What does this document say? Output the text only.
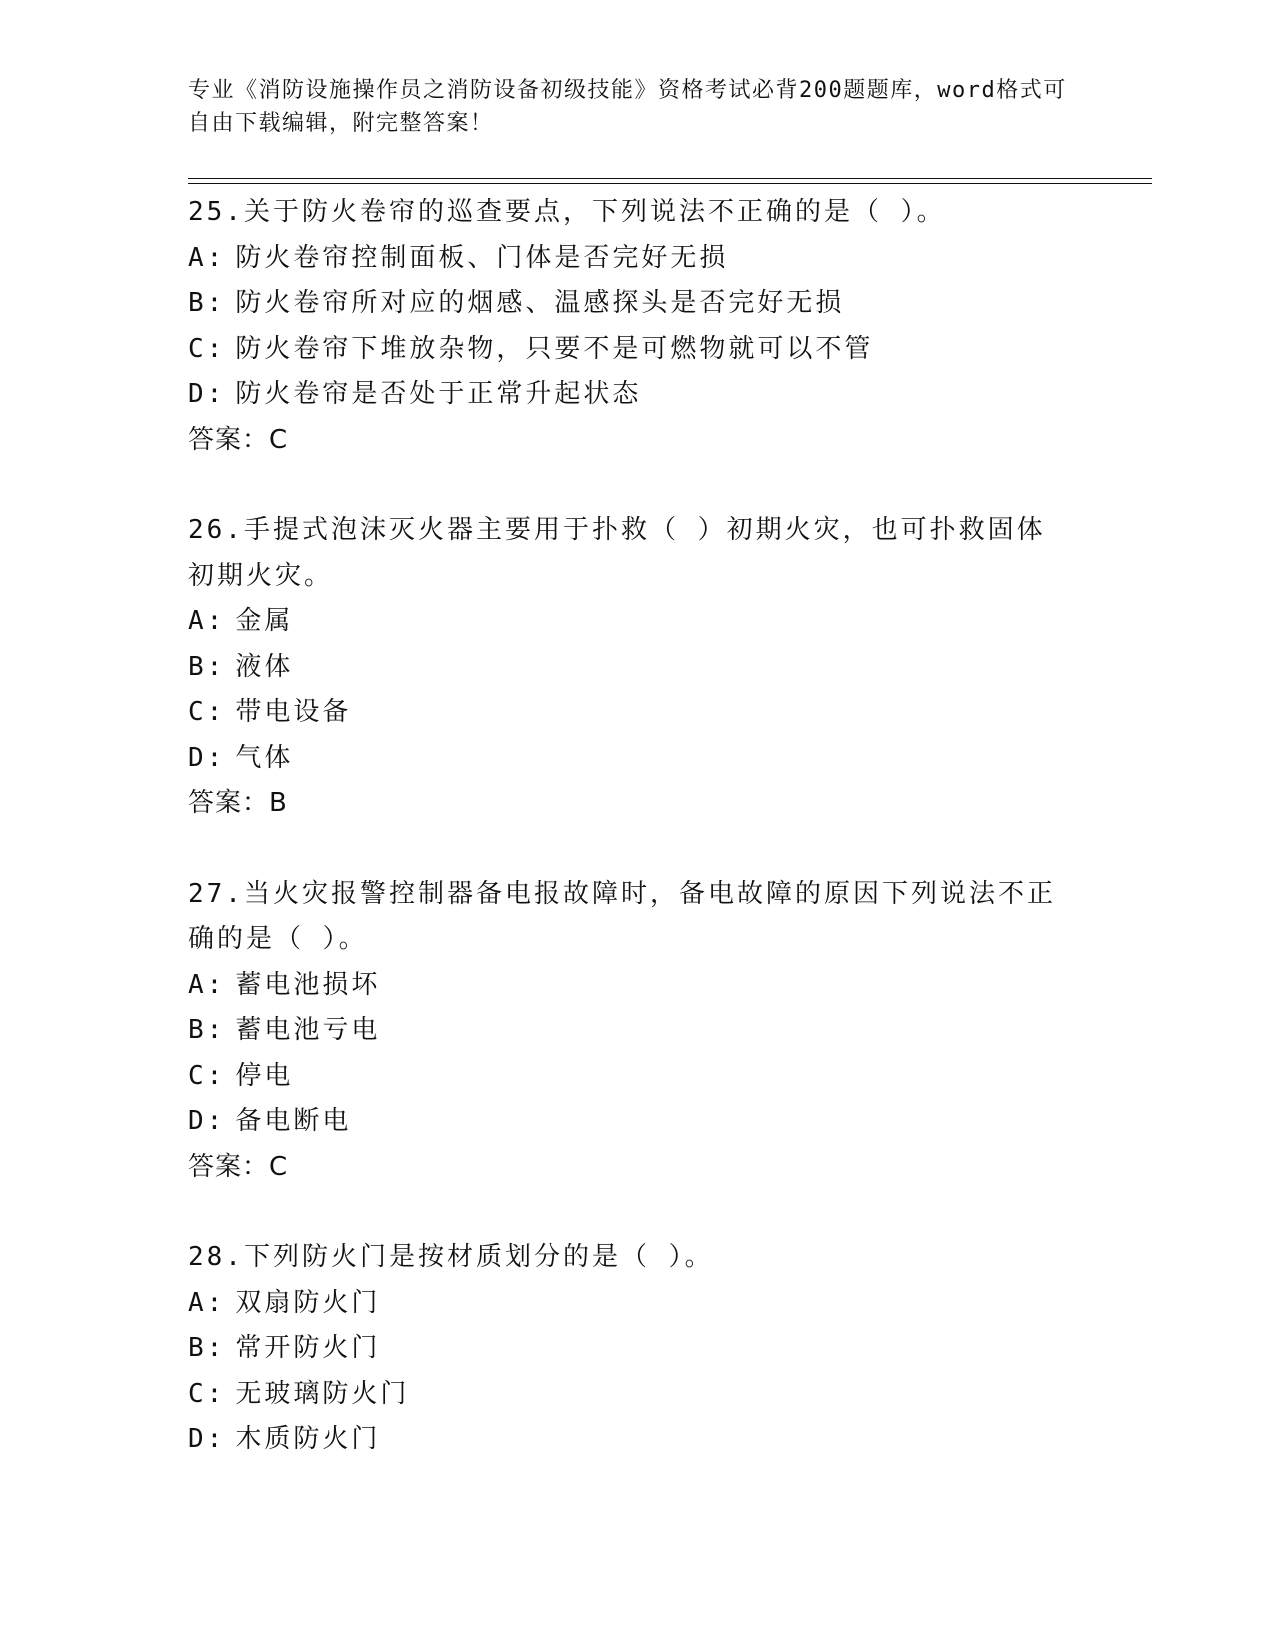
专业《消防设施操作员之消防设备初级技能》资格考试必背200题题库，word格式可自由下载编辑，附完整答案！
25.关于防火卷帘的巡查要点，下列说法不正确的是（ ）。
A: 防火卷帘控制面板、门体是否完好无损
B: 防火卷帘所对应的烟感、温感探头是否完好无损
C: 防火卷帘下堆放杂物，只要不是可燃物就可以不管
D: 防火卷帘是否处于正常升起状态
答案：C
26.手提式泡沫灭火器主要用于扑救（ ）初期火灾，也可扑救固体初期火灾。
A: 金属
B: 液体
C: 带电设备
D: 气体
答案：B
27.当火灾报警控制器备电报故障时，备电故障的原因下列说法不正确的是（ ）。
A: 蓄电池损坏
B: 蓄电池亏电
C: 停电
D: 备电断电
答案：C
28.下列防火门是按材质划分的是（ ）。
A: 双扇防火门
B: 常开防火门
C: 无玻璃防火门
D: 木质防火门
